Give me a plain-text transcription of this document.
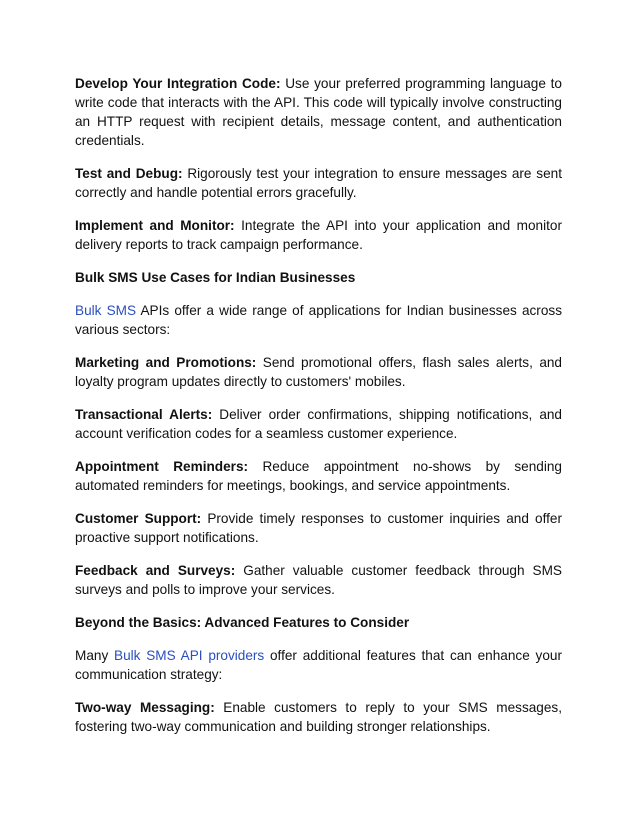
Develop Your Integration Code: Use your preferred programming language to write code that interacts with the API. This code will typically involve constructing an HTTP request with recipient details, message content, and authentication credentials.

Test and Debug: Rigorously test your integration to ensure messages are sent correctly and handle potential errors gracefully.

Implement and Monitor: Integrate the API into your application and monitor delivery reports to track campaign performance.

Bulk SMS Use Cases for Indian Businesses

Bulk SMS APIs offer a wide range of applications for Indian businesses across various sectors:

Marketing and Promotions: Send promotional offers, flash sales alerts, and loyalty program updates directly to customers' mobiles.

Transactional Alerts: Deliver order confirmations, shipping notifications, and account verification codes for a seamless customer experience.

Appointment Reminders: Reduce appointment no-shows by sending automated reminders for meetings, bookings, and service appointments.

Customer Support: Provide timely responses to customer inquiries and offer proactive support notifications.

Feedback and Surveys: Gather valuable customer feedback through SMS surveys and polls to improve your services.

Beyond the Basics: Advanced Features to Consider

Many Bulk SMS API providers offer additional features that can enhance your communication strategy:

Two-way Messaging: Enable customers to reply to your SMS messages, fostering two-way communication and building stronger relationships.
